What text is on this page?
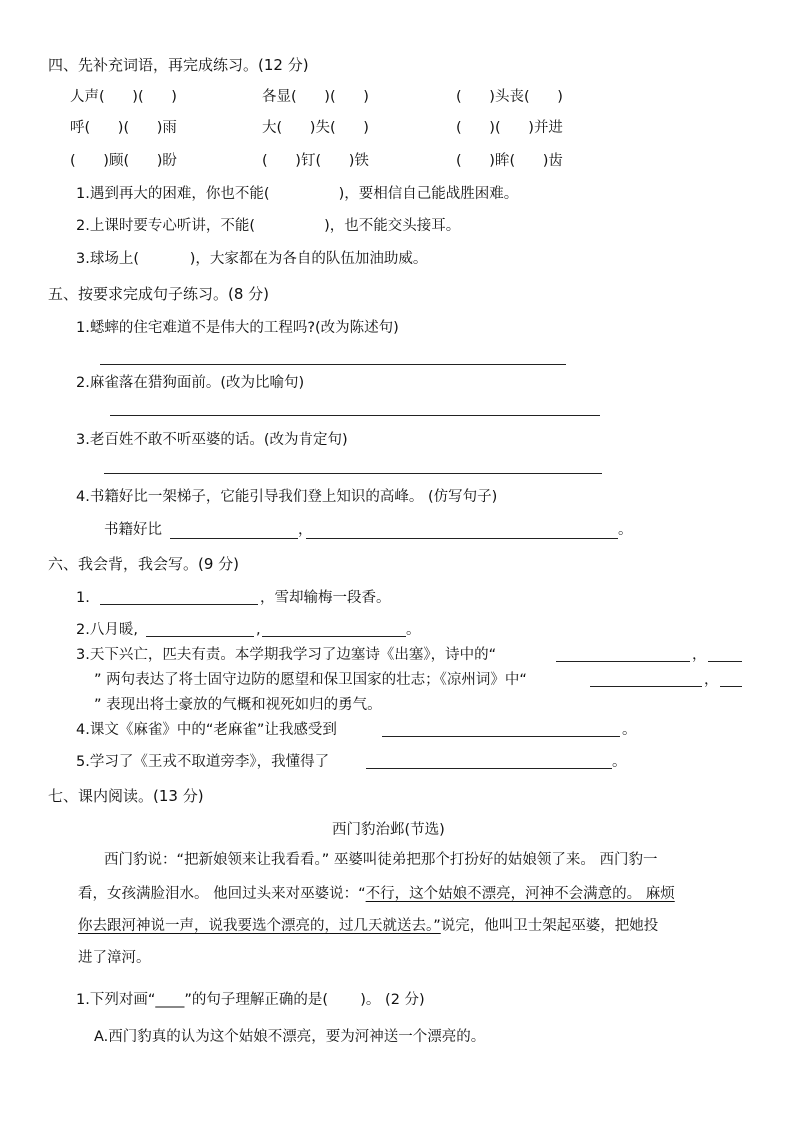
四、先补充词语，再完成练习。(12 分)
人声(      )(      )	各显(      )(      )	(      )头丧(      )
呼(      )(      )雨	大(      )失(      )	(      )(      )并进
(      )顾(      )盼	(      )钉(      )铁	(      )眸(      )齿
1.遇到再大的困难，你也不能(               )，要相信自己能战胜困难。
2.上课时要专心听讲，不能(               )，也不能交头接耳。
3.球场上(           )，大家都在为各自的队伍加油助威。
五、按要求完成句子练习。(8 分)
1.蟋蟀的住宅难道不是伟大的工程吗?(改为陈述句)
2.麻雀落在猎狗面前。(改为比喻句)
3.老百姓不敢不听巫婆的话。(改为肯定句)
4.书籍好比一架梯子，它能引导我们登上知识的高峰。 (仿写句子)
书籍好比	，	。
六、我会背，我会写。(9 分)
1.	，雪却输梅一段香。
2.八月暖,	,	。
3.天下兴亡，匹夫有责。本学期我学习了边塞诗《出塞》，诗中的“	，
” 两句表达了将士固守边防的愿望和保卫国家的壮志；《凉州词》中“	，
” 表现出将士豪放的气概和视死如归的勇气。
4.课文《麻雀》中的“老麻雀”让我感受到	。
5.学习了《王戎不取道旁李》，我懂得了	。
七、课内阅读。(13 分)
西门豹治邺(节选)
西门豹说：“把新娘领来让我看看。” 巫婆叫徒弟把那个打扮好的姑娘领了来。 西门豹一
看，女孩满脸泪水。 他回过头来对巫婆说：“不行，这个姑娘不漂亮，河神不会满意的。 麻烦
你去跟河神说一声，说我要选个漂亮的，过几天就送去。”说完，他叫卫士架起巫婆，把她投
进了漳河。
1.下列对画“____”的句子理解正确的是(       )。 (2 分)
A.西门豹真的认为这个姑娘不漂亮，要为河神送一个漂亮的。
